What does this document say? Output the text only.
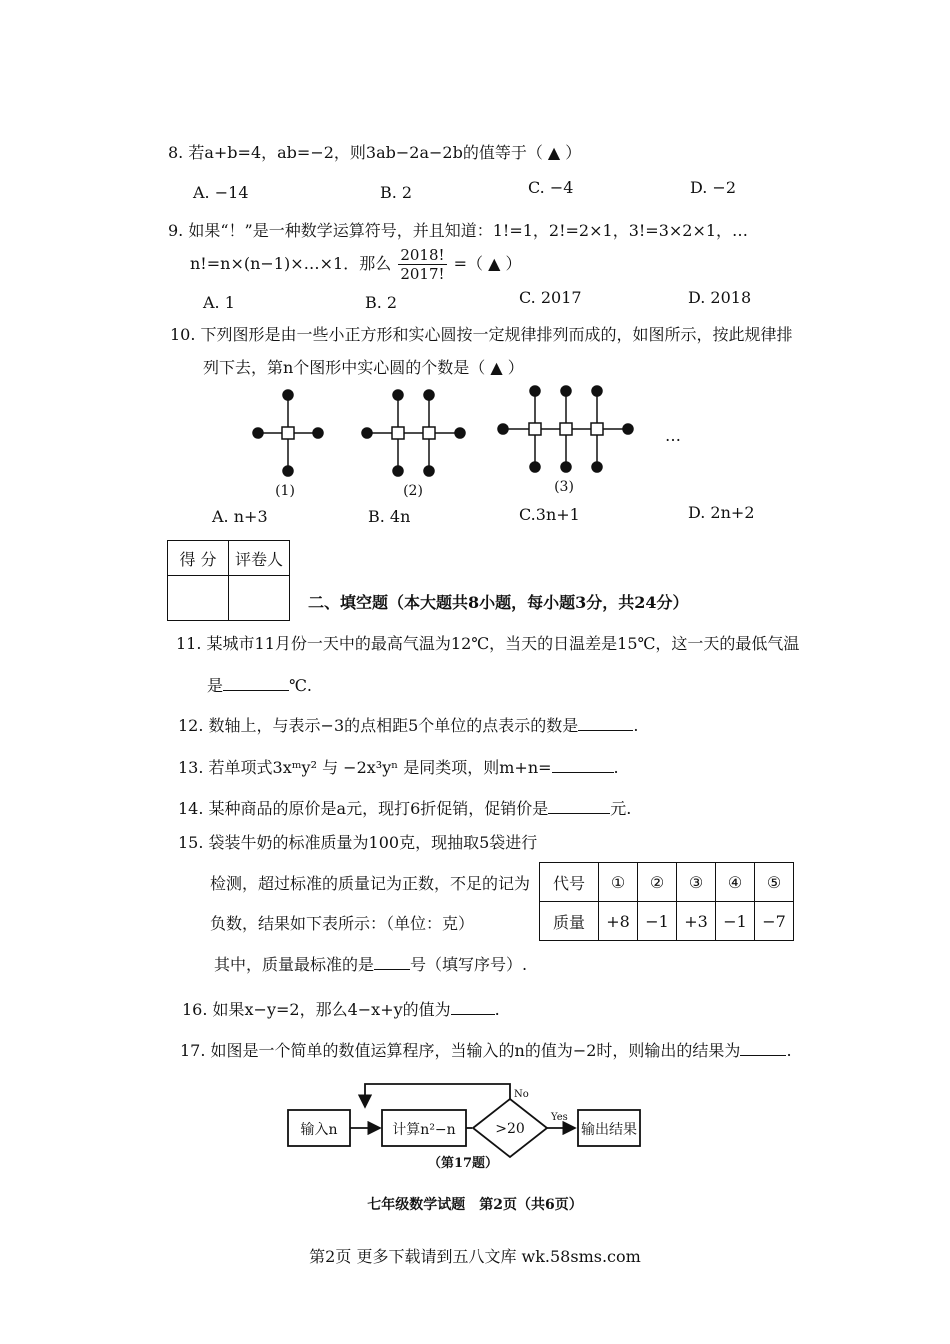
8. 若a+b=4，ab=−2，则3ab−2a−2b的值等于（ ▲ ）
A. −14	B. 2	C. −4	D. −2
9. 如果“！”是一种数学运算符号，并且知道：1!=1，2!=2×1，3!=3×2×1，…
n!=n×(n−1)×…×1．那么 $\frac{2018!}{2017!}$ =（ ▲ ）
A. 1	B. 2	C. 2017	D. 2018
10. 下列图形是由一些小正方形和实心圆按一定规律排列而成的，如图所示，按此规律排
列下去，第n个图形中实心圆的个数是（ ▲ ）
(1)	(2)	(3)
…
A. n+3	B. 4n	C.3n+1	D. 2n+2
得 分	评卷人

二、填空题（本大题共8小题，每小题3分，共24分）
11. 某城市11月份一天中的最高气温为12℃，当天的日温差是15℃，这一天的最低气温
是	℃.
12. 数轴上，与表示−3的点相距5个单位的点表示的数是	.
13. 若单项式3xᵐy² 与 −2x³yⁿ 是同类项，则m+n=	.
14. 某种商品的原价是a元，现打6折促销，促销价是	元.
15. 袋装牛奶的标准质量为100克，现抽取5袋进行
检测，超过标准的质量记为正数，不足的记为
负数，结果如下表所示：（单位：克）
其中，质量最标准的是 号（填写序号）.
代号	①	②	③	④	⑤
质量	+8	−1	+3	−1	−7
16. 如果x−y=2，那么4−x+y的值为	.
17. 如图是一个简单的数值运算程序，当输入的n的值为−2时，则输出的结果为	.
输入n	计算n²−n	>20
No
Yes
输出结果
（第17题）
七年级数学试题　第2页（共6页）
第2页 更多下载请到五八文库 wk.58sms.com
